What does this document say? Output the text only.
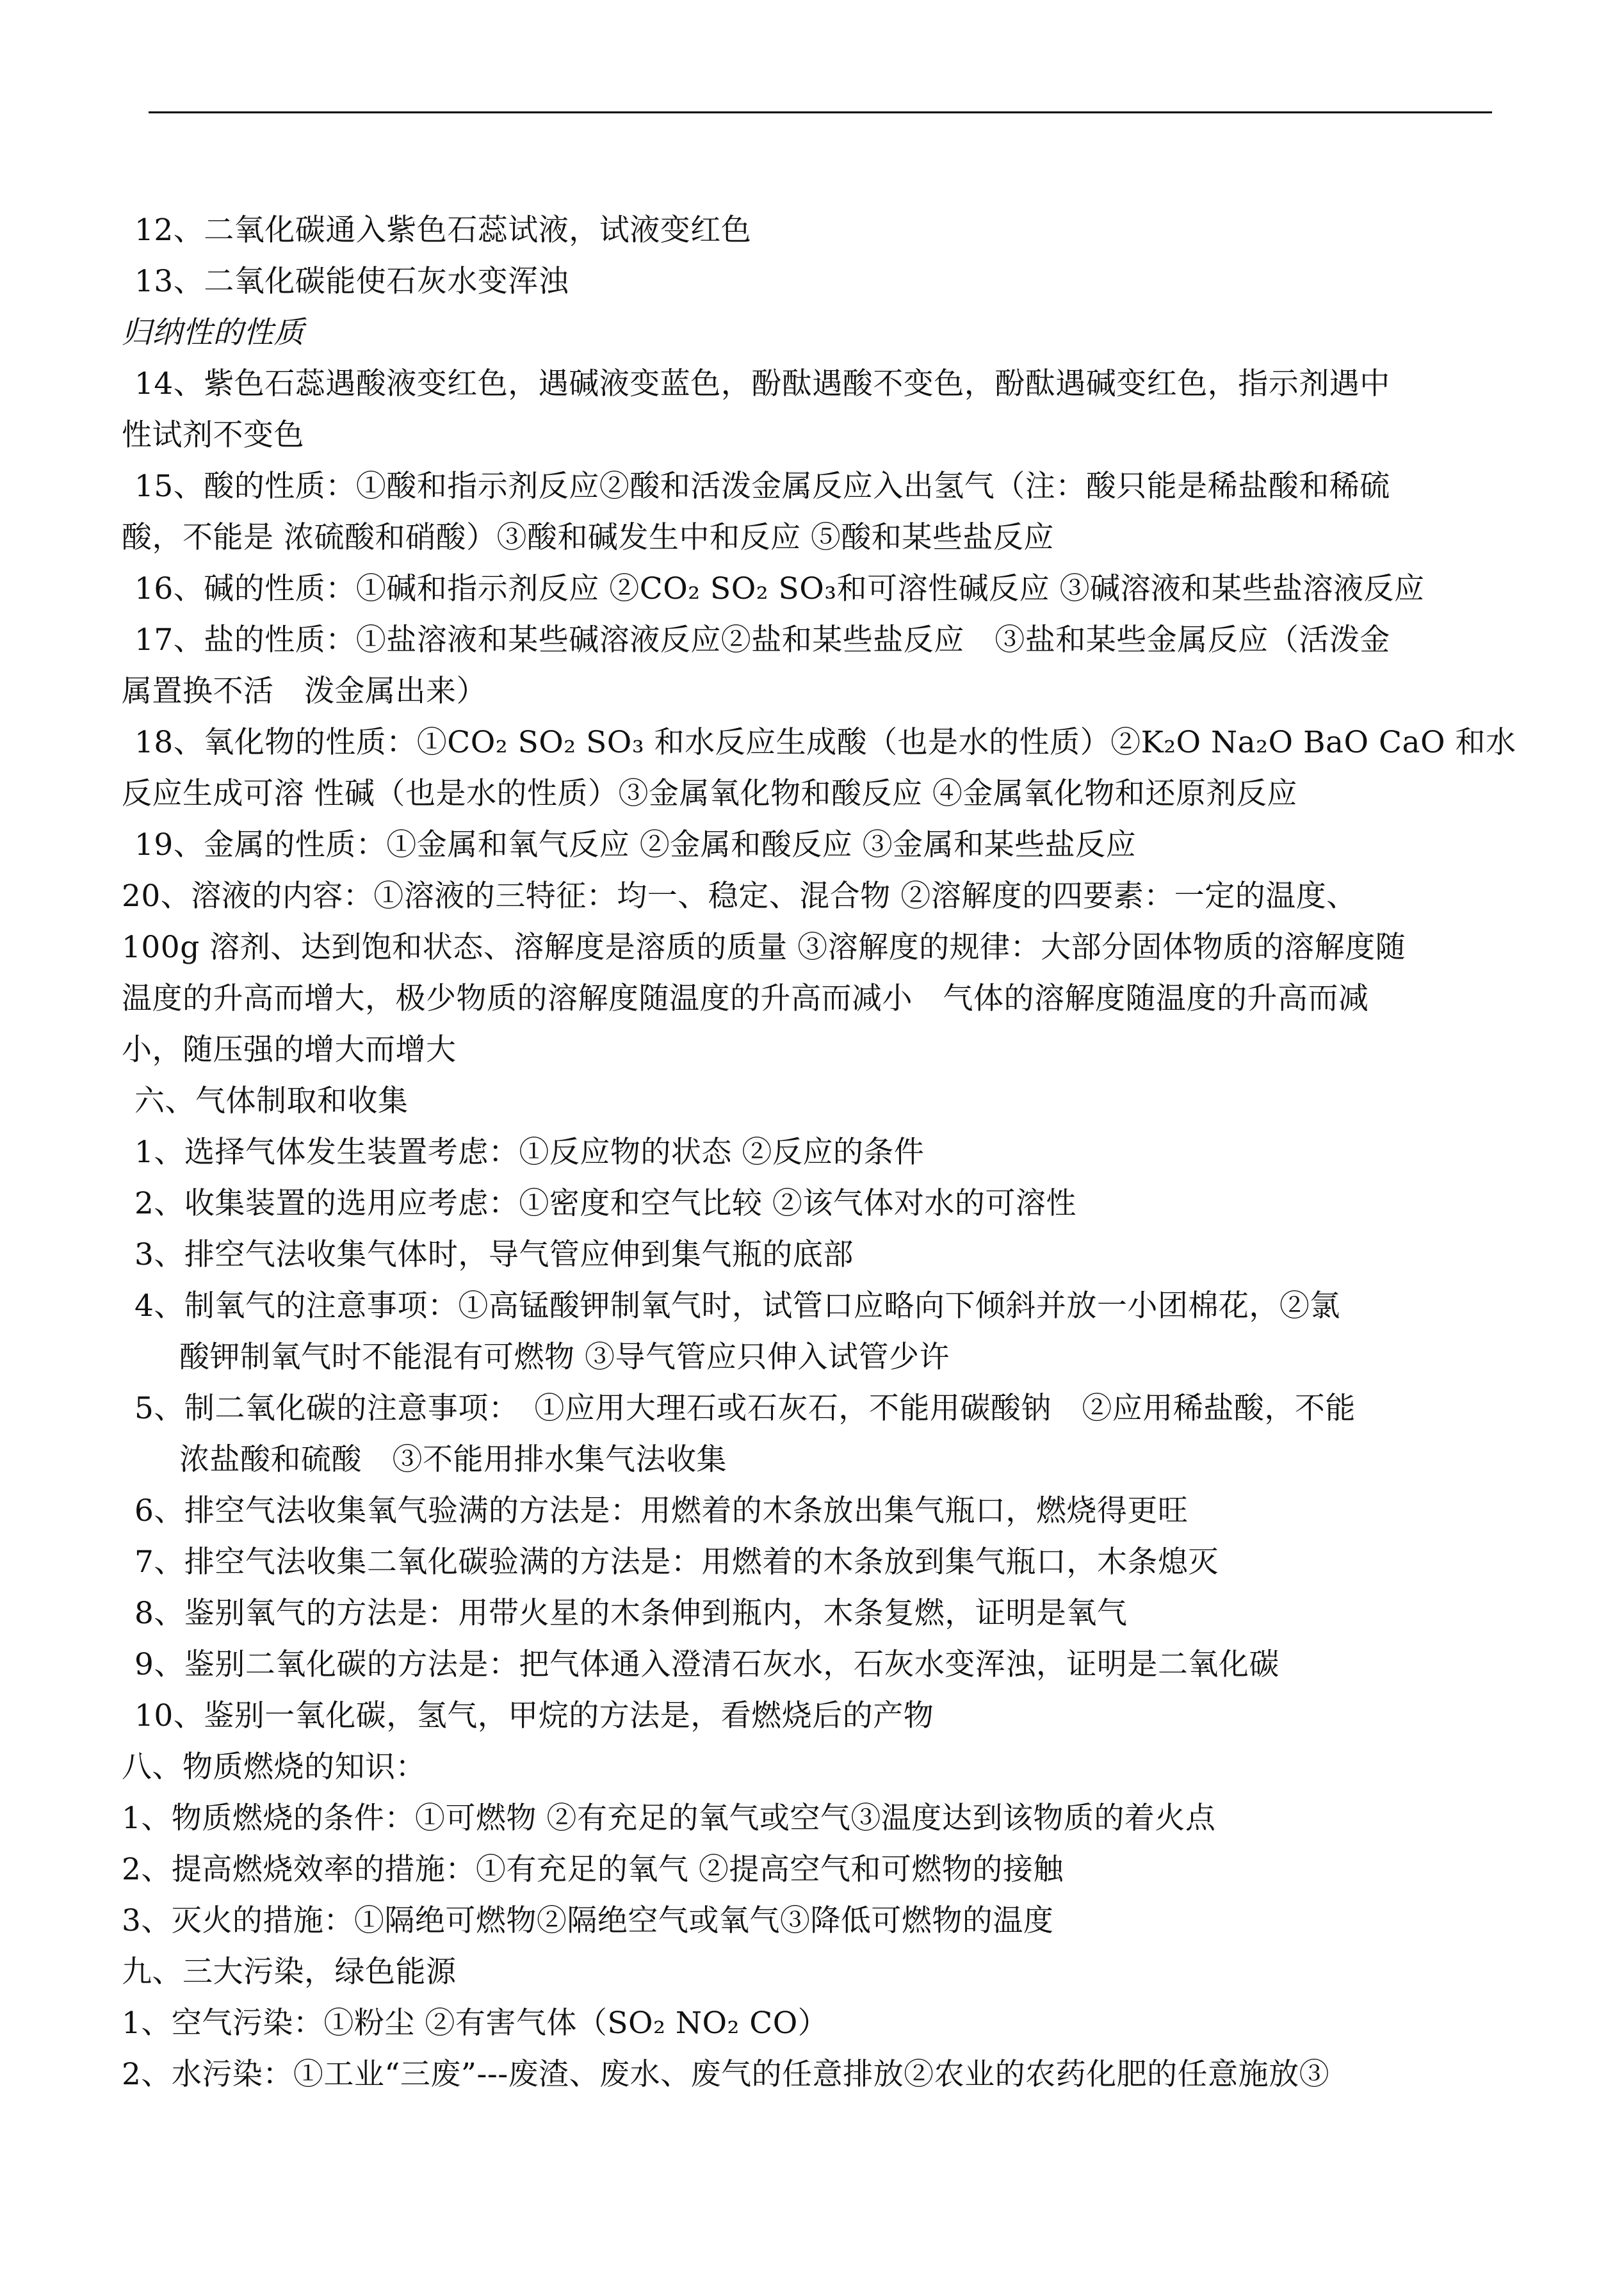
12、二氧化碳通入紫色石蕊试液，试液变红色
13、二氧化碳能使石灰水变浑浊
归纳性的性质
14、紫色石蕊遇酸液变红色，遇碱液变蓝色，酚酞遇酸不变色，酚酞遇碱变红色，指示剂遇中
性试剂不变色
15、酸的性质：①酸和指示剂反应②酸和活泼金属反应入出氢气（注：酸只能是稀盐酸和稀硫
酸，不能是 浓硫酸和硝酸）③酸和碱发生中和反应 ⑤酸和某些盐反应
16、碱的性质：①碱和指示剂反应 ②CO₂ SO₂ SO₃和可溶性碱反应 ③碱溶液和某些盐溶液反应
17、盐的性质：①盐溶液和某些碱溶液反应②盐和某些盐反应　③盐和某些金属反应（活泼金
属置换不活　泼金属出来）
18、氧化物的性质：①CO₂ SO₂ SO₃ 和水反应生成酸（也是水的性质）②K₂O Na₂O BaO CaO 和水
反应生成可溶 性碱（也是水的性质）③金属氧化物和酸反应 ④金属氧化物和还原剂反应
19、金属的性质：①金属和氧气反应 ②金属和酸反应 ③金属和某些盐反应
20、溶液的内容：①溶液的三特征：均一、稳定、混合物 ②溶解度的四要素：一定的温度、
100g 溶剂、达到饱和状态、溶解度是溶质的质量 ③溶解度的规律：大部分固体物质的溶解度随
温度的升高而增大，极少物质的溶解度随温度的升高而减小　气体的溶解度随温度的升高而减
小，随压强的增大而增大
六、气体制取和收集
1、选择气体发生装置考虑：①反应物的状态 ②反应的条件
2、收集装置的选用应考虑：①密度和空气比较 ②该气体对水的可溶性
3、排空气法收集气体时，导气管应伸到集气瓶的底部
4、制氧气的注意事项：①高锰酸钾制氧气时，试管口应略向下倾斜并放一小团棉花，②氯
酸钾制氧气时不能混有可燃物 ③导气管应只伸入试管少许
5、制二氧化碳的注意事项：　①应用大理石或石灰石，不能用碳酸钠　②应用稀盐酸，不能
浓盐酸和硫酸　③不能用排水集气法收集
6、排空气法收集氧气验满的方法是：用燃着的木条放出集气瓶口，燃烧得更旺
7、排空气法收集二氧化碳验满的方法是：用燃着的木条放到集气瓶口，木条熄灭
8、鉴别氧气的方法是：用带火星的木条伸到瓶内，木条复燃，证明是氧气
9、鉴别二氧化碳的方法是：把气体通入澄清石灰水，石灰水变浑浊，证明是二氧化碳
10、鉴别一氧化碳，氢气，甲烷的方法是，看燃烧后的产物
八、物质燃烧的知识：
1、物质燃烧的条件：①可燃物 ②有充足的氧气或空气③温度达到该物质的着火点
2、提高燃烧效率的措施：①有充足的氧气 ②提高空气和可燃物的接触
3、灭火的措施：①隔绝可燃物②隔绝空气或氧气③降低可燃物的温度
九、三大污染，绿色能源
1、空气污染：①粉尘 ②有害气体（SO₂ NO₂ CO）
2、水污染：①工业“三废”---废渣、废水、废气的任意排放②农业的农药化肥的任意施放③
